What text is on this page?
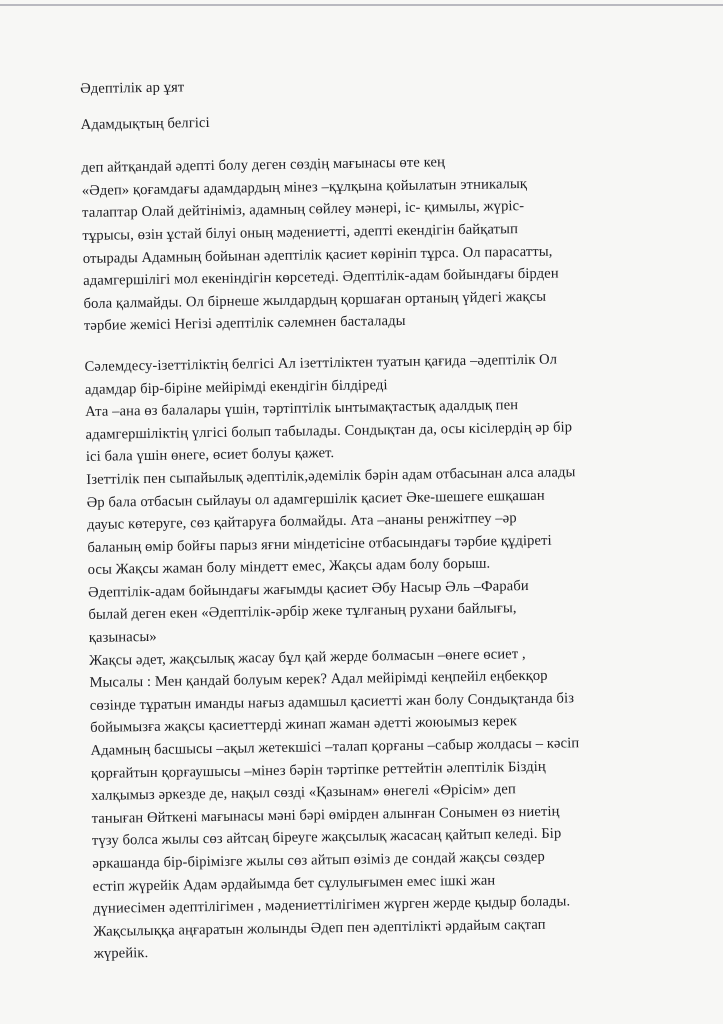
Әдептілік ар ұят
Адамдықтың белгісі
деп айтқандай әдепті болу деген сөздің мағынасы өте кең
«Әдеп» қоғамдағы адамдардың мінез –құлқына қойылатын этникалық
талаптар Олай дейтініміз, адамның сөйлеу мәнері, іс- қимылы, жүріс-
тұрысы, өзін ұстай білуі оның мәдениетті, әдепті екендігін байқатып
отырады Адамның бойынан әдептілік қасиет көрініп тұрса. Ол парасатты,
адамгершілігі мол екеніндігін көрсетеді. Әдептілік-адам бойындағы бірден
бола қалмайды. Ол бірнеше жылдардың қоршаған ортаның үйдегі жақсы
тәрбие жемісі Негізі әдептілік сәлемнен басталады
Сәлемдесу-ізеттіліктің белгісі Ал ізеттіліктен туатын қағида –әдептілік Ол
адамдар бір-біріне мейірімді екендігін білдіреді
Ата –ана өз балалары үшін, тәртіптілік ынтымақтастық адалдық пен
адамгершіліктің үлгісі болып табылады. Сондықтан да, осы кісілердің әр бір
ісі бала үшін өнеге, өсиет болуы қажет.
Ізеттілік пен сыпайылық әдептілік,әдемілік бәрін адам отбасынан алса алады
Әр бала отбасын сыйлауы ол адамгершілік қасиет Әке-шешеге ешқашан
дауыс көтеруге, сөз қайтаруға болмайды. Ата –ананы ренжітпеу –әр
баланың өмір бойғы парыз яғни міндетісіне отбасындағы тәрбие құдіреті
осы Жақсы жаман болу міндетт емес, Жақсы адам болу борыш.
Әдептілік-адам бойындағы жағымды қасиет Әбу Насыр Әль –Фараби
былай деген екен «Әдептілік-әрбір жеке тұлғаның рухани байлығы,
қазынасы»
Жақсы әдет, жақсылық жасау бұл қай жерде болмасын –өнеге өсиет ,
Мысалы : Мен қандай болуым керек? Адал мейірімді кеңпейіл еңбекқор
сөзінде тұратын иманды нағыз адамшыл қасиетті жан болу Сондықтанда біз
бойымызға жақсы қасиеттерді жинап жаман әдетті жоюымыз керек
Адамның басшысы –ақыл жетекшісі –талап қорғаны –сабыр жолдасы – кәсіп
қорғайтын қорғаушысы –мінез бәрін тәртіпке реттейтін әлептілік Біздің
халқымыз әркезде де, нақыл сөзді «Қазынам» өнегелі «Өрісім» деп
таныған Өйткені мағынасы мәні бәрі өмірден алынған Сонымен өз ниетің
түзу болса жылы сөз айтсаң біреуге жақсылық жасасаң қайтып келеді. Бір
әркашанда бір-бірімізге жылы сөз айтып өзіміз де сондай жақсы сөздер
естіп жүрейік Адам әрдайымда бет сұлулығымен емес ішкі жан
дүниесімен әдептілігімен , мәдениеттілігімен жүрген жерде қыдыр болады.
Жақсылыққа аңғаратын жолынды Әдеп пен әдептілікті әрдайым сақтап
жүрейік.
